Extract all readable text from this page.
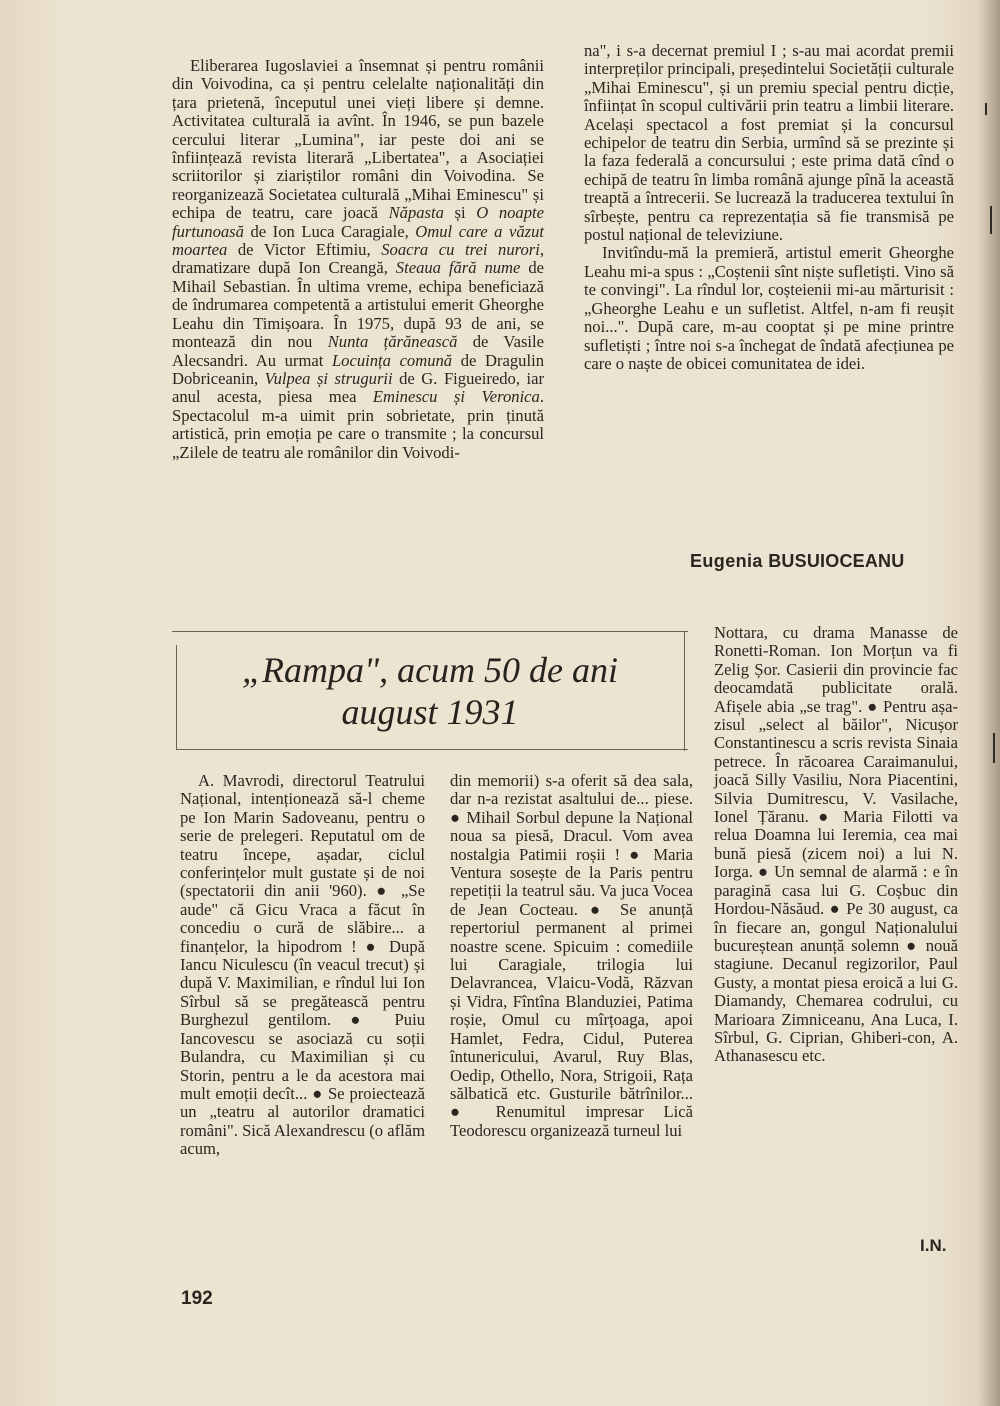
Eliberarea Iugoslaviei a însemnat și pentru românii din Voivodina, ca și pentru celelalte naționalități din țara prietenă, începutul unei vieți libere și demne. Activitatea culturală ia avînt. În 1946, se pun bazele cercului literar „Lumina", iar peste doi ani se înființează revista literară „Libertatea", a Asociației scriitorilor și ziariștilor români din Voivodina. Se reorganizează Societatea culturală „Mihai Eminescu" și echipa de teatru, care joacă Năpasta și O noapte furtunoasă de Ion Luca Caragiale, Omul care a văzut moartea de Victor Eftimiu, Soacra cu trei nurori, dramatizare după Ion Creangă, Steaua fără nume de Mihail Sebastian. În ultima vreme, echipa beneficiază de îndrumarea competentă a artistului emerit Gheorghe Leahu din Timișoara. În 1975, după 93 de ani, se montează din nou Nunta țărănească de Vasile Alecsandri. Au urmat Locuința comună de Dragulin Dobriceanin, Vulpea și strugurii de G. Figueiredo, iar anul acesta, piesa mea Eminescu și Veronica. Spectacolul m-a uimit prin sobrietate, prin ținută artistică, prin emoția pe care o transmite ; la concursul „Zilele de teatru ale românilor din Voivodi-

na", i s-a decernat premiul I ; s-au mai acordat premii interpreților principali, președintelui Societății culturale „Mihai Eminescu", și un premiu special pentru dicție, înființat în scopul cultivării prin teatru a limbii literare. Același spectacol a fost premiat și la concursul echipelor de teatru din Serbia, urmînd să se prezinte și la faza federală a concursului ; este prima dată cînd o echipă de teatru în limba română ajunge pînă la această treaptă a întrecerii. Se lucrează la traducerea textului în sîrbește, pentru ca reprezentația să fie transmisă pe postul național de televiziune.

Invitîndu-mă la premieră, artistul emerit Gheorghe Leahu mi-a spus : „Coștenii sînt niște sufletiști. Vino să te convingi". La rîndul lor, coșteienii mi-au mărturisit : „Gheorghe Leahu e un sufletist. Altfel, n-am fi reușit noi...". După care, m-au cooptat și pe mine printre sufletiști ; între noi s-a închegat de îndată afecțiunea pe care o naște de obicei comunitatea de idei.

Eugenia BUSUIOCEANU
„Rampa", acum 50 de ani
august 1931

A. Mavrodi, directorul Teatrului Național, intenționează să-l cheme pe Ion Marin Sadoveanu, pentru o serie de prelegeri. Reputatul om de teatru începe, așadar, ciclul conferințelor mult gustate și de noi (spectatorii din anii '960). ● „Se aude" că Gicu Vraca a făcut în concediu o cură de slăbire... a finanțelor, la hipodrom ! ● După Iancu Niculescu (în veacul trecut) și după V. Maximilian, e rîndul lui Ion Sîrbul să se pregătească pentru Burghezul gentilom. ● Puiu Iancovescu se asociază cu soții Bulandra, cu Maximilian și cu Storin, pentru a le da acestora mai mult emoții decît... ● Se proiectează un „teatru al autorilor dramatici români". Sică Alexandrescu (o aflăm acum,

din memorii) s-a oferit să dea sala, dar n-a rezistat asaltului de... piese. ● Mihail Sorbul depune la Național noua sa piesă, Dracul. Vom avea nostalgia Patimii roșii ! ● Maria Ventura sosește de la Paris pentru repetiții la teatrul său. Va juca Vocea de Jean Cocteau. ● Se anunță repertoriul permanent al primei noastre scene. Spicuim : comediile lui Caragiale, trilogia lui Delavrancea, Vlaicu-Vodă, Răzvan și Vidra, Fîntîna Blanduziei, Patima roșie, Omul cu mîrțoaga, apoi Hamlet, Fedra, Cidul, Puterea întunericului, Avarul, Ruy Blas, Oedip, Othello, Nora, Strigoii, Rața sălbatică etc. Gusturile bătrînilor... ● Renumitul impresar Lică Teodorescu organizează turneul lui

Nottara, cu drama Manasse de Ronetti-Roman. Ion Morțun va fi Zelig Șor. Casierii din provincie fac deocamdată publicitate orală. Afișele abia „se trag". ● Pentru așa-zisul „select al băilor", Nicușor Constantinescu a scris revista Sinaia petrece. În răcoarea Caraimanului, joacă Silly Vasiliu, Nora Piacentini, Silvia Dumitrescu, V. Vasilache, Ionel Țăranu. ● Maria Filotti va relua Doamna lui Ieremia, cea mai bună piesă (zicem noi) a lui N. Iorga. ● Un semnal de alarmă : e în paragină casa lui G. Coșbuc din Hordou-Năsăud. ● Pe 30 august, ca în fiecare an, gongul Naționalului bucureștean anunță solemn ● nouă stagiune. Decanul regizorilor, Paul Gusty, a montat piesa eroică a lui G. Diamandy, Chemarea codrului, cu Marioara Zimniceanu, Ana Luca, I. Sîrbul, G. Ciprian, Ghiberi-con, A. Athanasescu etc.

I.N.
192
